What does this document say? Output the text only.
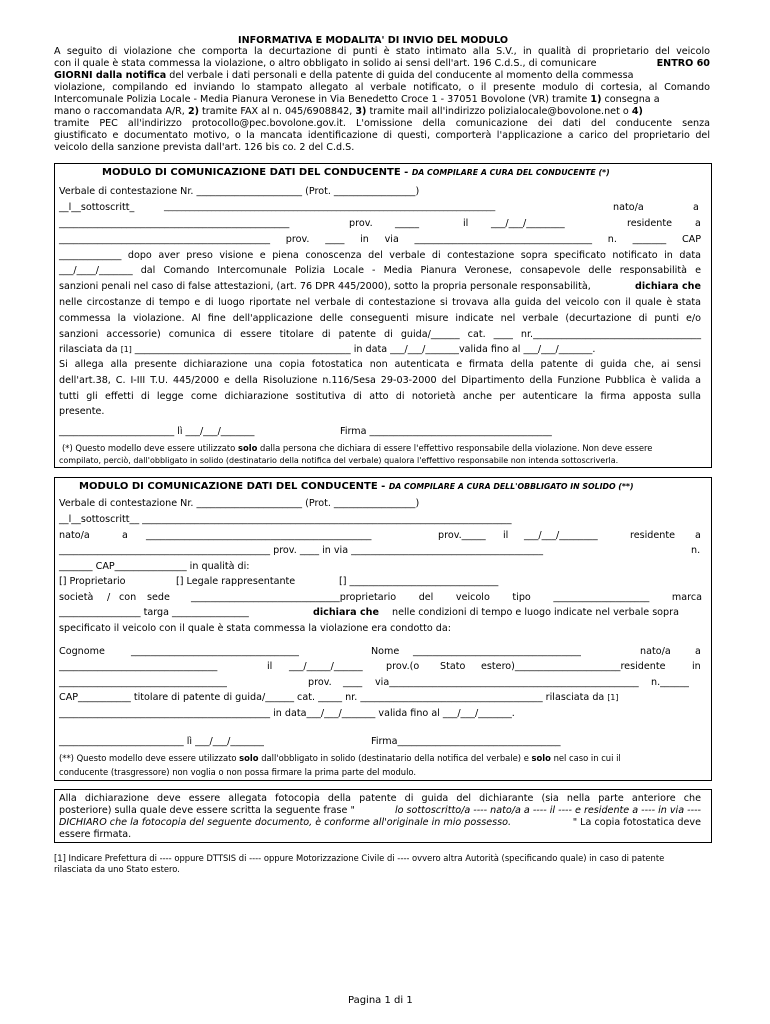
INFORMATIVA E MODALITA' DI INVIO DEL MODULO
A seguito di violazione che comporta la decurtazione di punti è stato intimato alla S.V., in qualità di proprietario del veicolo
con il quale è stata commessa la violazione, o altro obbligato in solido ai sensi dell'art. 196 C.d.S., di comunicare	ENTRO 60
GIORNI dalla notifica del verbale i dati personali e della patente di guida del conducente al momento della commessa
violazione, compilando ed inviando lo stampato allegato al verbale notificato, o il presente modulo di cortesia, al Comando
Intercomunale Polizia Locale - Media Pianura Veronese in Via Benedetto Croce 1 - 37051 Bovolone (VR) tramite 1) consegna a
mano o raccomandata A/R, 2) tramite FAX al n. 045/6908842, 3) tramite mail all'indirizzo polizialocale@bovolone.net o 4)
tramite PEC all'indirizzo protocollo@pec.bovolone.gov.it. L'omissione della comunicazione dei dati del conducente senza
giustificato e documentato motivo, o la mancata identificazione di questi, comporterà l'applicazione a carico del proprietario del
veicolo della sanzione prevista dall'art. 126 bis co. 2 del C.d.S.
MODULO DI COMUNICAZIONE DATI DEL CONDUCENTE - DA COMPILARE A CURA DEL CONDUCENTE (*)
Verbale di contestazione Nr. ______________________ (Prot. _________________)
__l__sottoscritt_	_____________________________________________________________________________	nato/a	a
________________________________________________	prov. _____	il ___/___/________	residente a
____________________________________________ prov. ____ in via _____________________________________ n. _______ CAP
_____________ dopo aver preso visione e piena conoscenza del verbale di contestazione sopra specificato notificato in data
___/____/_______ dal Comando Intercomunale Polizia Locale - Media Pianura Veronese, consapevole delle responsabilità e
sanzioni penali nel caso di false attestazioni, (art. 76 DPR 445/2000), sotto la propria personale responsabilità,	dichiara che
nelle circostanze di tempo e di luogo riportate nel verbale di contestazione si trovava alla guida del veicolo con il quale è stata
commessa la violazione. Al fine dell'applicazione delle conseguenti misure indicate nel verbale (decurtazione di punti e/o
sanzioni accessorie) comunica di essere titolare di patente di guida/______ cat. ____ nr.___________________________________
rilasciata da [1] _____________________________________________ in data ___/___/_______valida fino al ___/___/_______.
Si allega alla presente dichiarazione una copia fotostatica non autenticata e firmata della patente di guida che, ai sensi
dell'art.38, C. I-III T.U. 445/2000 e della Risoluzione n.116/Sesa 29-03-2000 del Dipartimento della Funzione Pubblica è valida a
tutti gli effetti di legge come dichiarazione sostitutiva di atto di notorietà anche per autenticare la firma apposta sulla
presente.
________________________ lì ___/___/_______	Firma ______________________________________
(*) Questo modello deve essere utilizzato solo dalla persona che dichiara di essere l'effettivo responsabile della violazione. Non deve essere
compilato, perciò, dall'obbligato in solido (destinatario della notifica del verbale) qualora l'effettivo responsabile non intenda sottoscriverla.
MODULO DI COMUNICAZIONE DATI DEL CONDUCENTE - DA COMPILARE A CURA DELL'OBBLIGATO IN SOLIDO (**)
Verbale di contestazione Nr. ______________________ (Prot. _________________)
__l__sottoscritt__ _____________________________________________________________________________
nato/a	a _______________________________________________	prov._____ il ___/___/________	residente a
____________________________________________ prov. ____ in via ________________________________________	n.
_______ CAP_______________ in qualità di:
[] Proprietario	[] Legale rappresentante	[] _______________________________
società / con sede _______________________________proprietario del veicolo tipo ____________________ marca
_________________ targa ________________	dichiara che nelle condizioni di tempo e luogo indicate nel verbale sopra
specificato il veicolo con il quale è stata commessa la violazione era condotto da:
Cognome	___________________________________	Nome ___________________________________	nato/a	a
_________________________________	il ___/_____/______ prov.(o Stato estero)______________________residente	in
___________________________________	prov. ____ via____________________________________________________ n.______
CAP___________ titolare di patente di guida/______ cat. _____ nr. ______________________________________ rilasciata da [1]
____________________________________________ in data___/___/_______ valida fino al ___/___/_______.
__________________________ lì ___/___/_______	Firma__________________________________
(**) Questo modello deve essere utilizzato solo dall'obbligato in solido (destinatario della notifica del verbale) e solo nel caso in cui il
conducente (trasgressore) non voglia o non possa firmare la prima parte del modulo.
Alla dichiarazione deve essere allegata fotocopia della patente di guida del dichiarante (sia nella parte anteriore che
posteriore) sulla quale deve essere scritta la seguente frase "	lo sottoscritto/a ---- nato/a a ---- il ---- e residente a ---- in via ----
DICHIARO che la fotocopia del seguente documento, è conforme all'originale in mio possesso.	" La copia fotostatica deve
essere firmata.
[1] Indicare Prefettura di ---- oppure DTTSIS di ---- oppure Motorizzazione Civile di ---- ovvero altra Autorità (specificando quale) in caso di patente
rilasciata da uno Stato estero.
Pagina 1 di 1
